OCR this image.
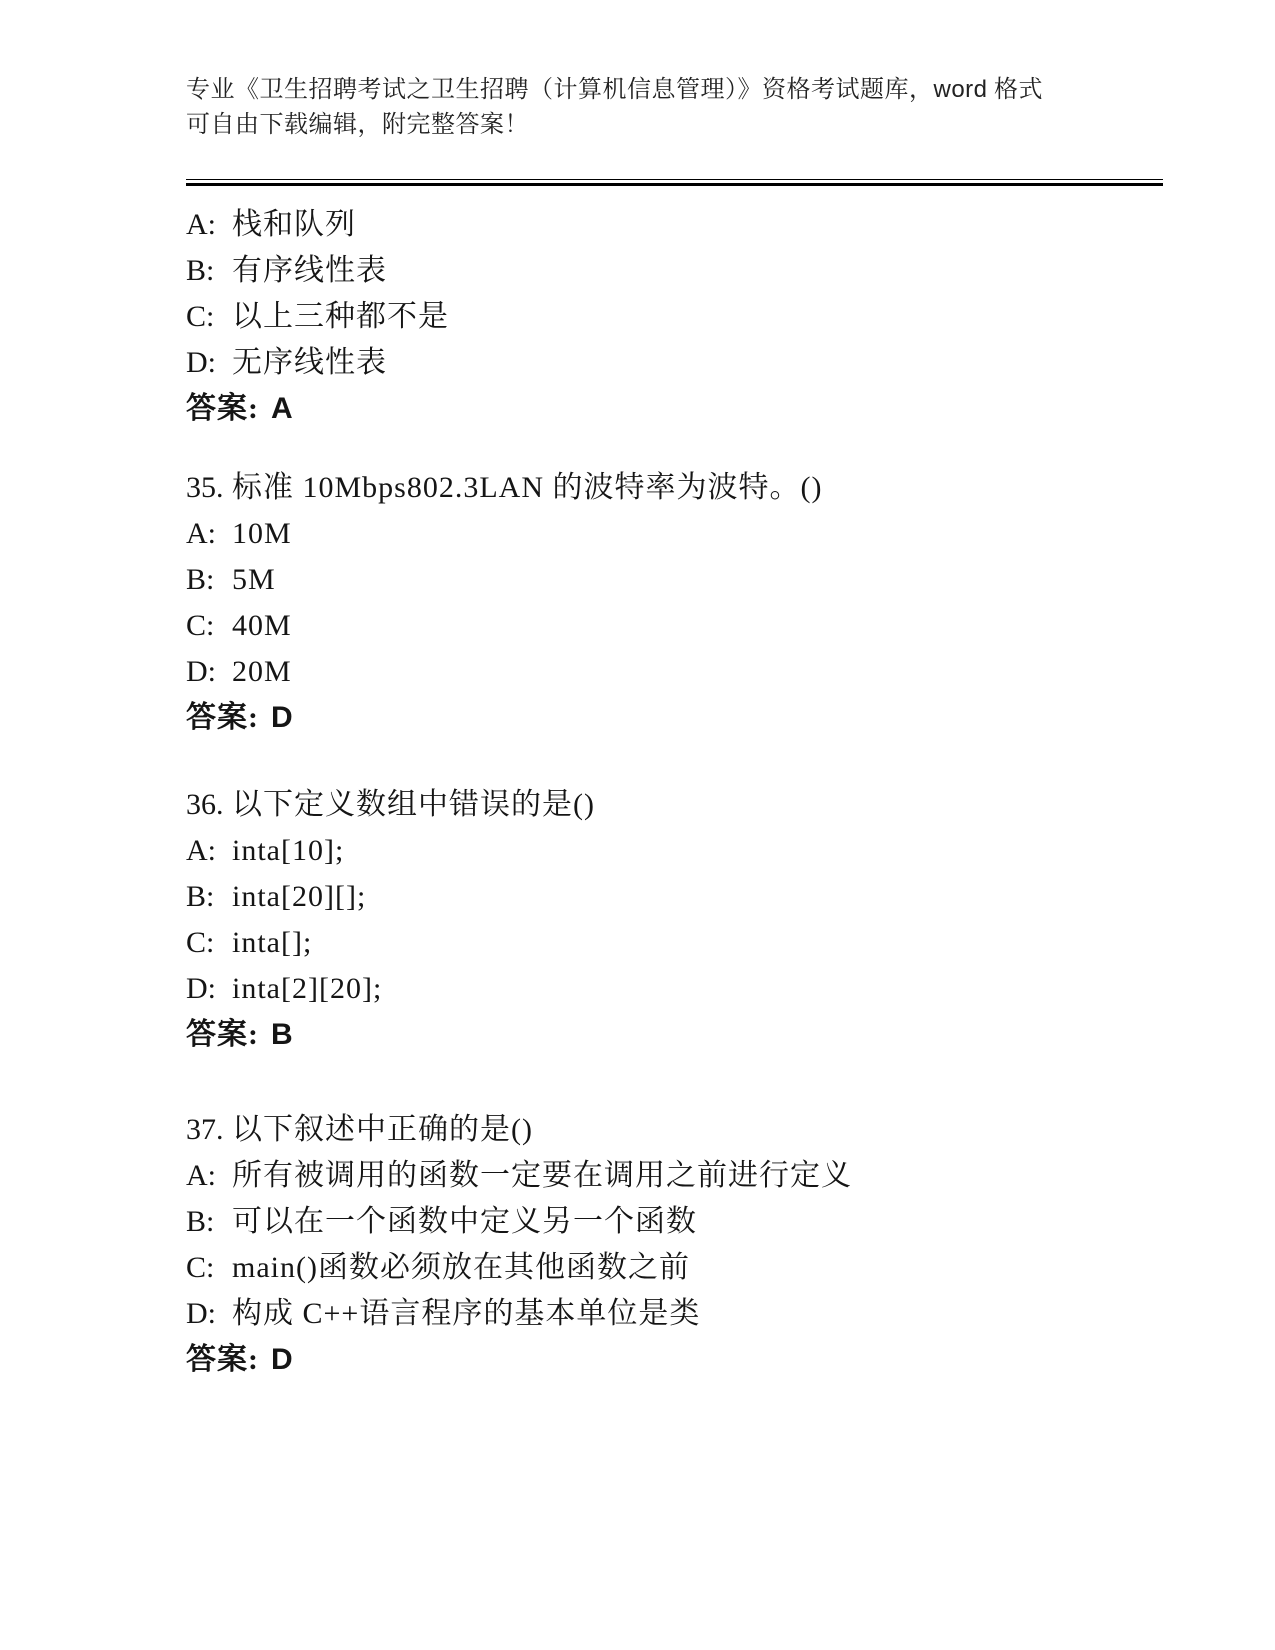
专业《卫生招聘考试之卫生招聘（计算机信息管理）》资格考试题库，word 格式
可自由下载编辑，附完整答案！
A: 栈和队列
B: 有序线性表
C: 以上三种都不是
D: 无序线性表
答案: A
35. 标准 10Mbps802.3LAN 的波特率为波特。()
A: 10M
B: 5M
C: 40M
D: 20M
答案: D
36. 以下定义数组中错误的是()
A: inta[10];
B: inta[20][];
C: inta[];
D: inta[2][20];
答案: B
37. 以下叙述中正确的是()
A: 所有被调用的函数一定要在调用之前进行定义
B: 可以在一个函数中定义另一个函数
C: main()函数必须放在其他函数之前
D: 构成 C++语言程序的基本单位是类
答案: D
